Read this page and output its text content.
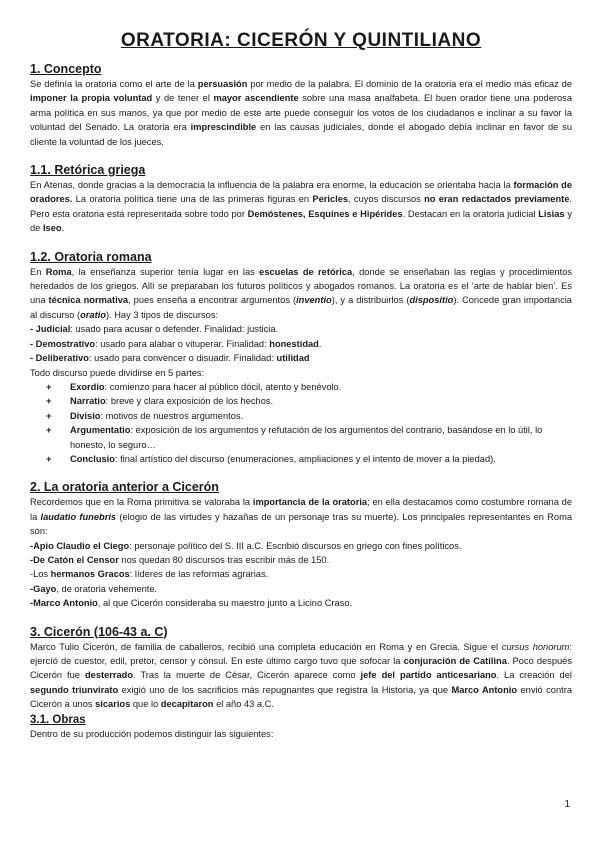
ORATORIA: CICERÓN Y QUINTILIANO
1. Concepto

Se definía la oratoria como el arte de la persuasión por medio de la palabra. El dominio de la oratoria era el medio más eficaz de imponer la propia voluntad y de tener el mayor ascendiente sobre una masa analfabeta. El buen orador tiene una poderosa arma política en sus manos, ya que por medio de este arte puede conseguir los votos de los ciudadanos e inclinar a su favor la voluntad del Senado. La oratoria era imprescindible en las causas judiciales, donde el abogado debía inclinar en favor de su cliente la voluntad de los jueces.

1.1. Retórica griega

En Atenas, donde gracias a la democracia la influencia de la palabra era enorme, la educación se orientaba hacia la formación de oradores. La oratoria política tiene una de las primeras figuras en Pericles, cuyos discursos no eran redactados previamente. Pero esta oratoria está representada sobre todo por Demóstenes, Esquines e Hipérides. Destacan en la oratoria judicial Lisias y de Iseo.

1.2. Oratoria romana

En Roma, la enseñanza superior tenía lugar en las escuelas de retórica, donde se enseñaban las reglas y procedimientos heredados de los griegos. Allí se preparaban los futuros políticos y abogados romanos. La oratoria es el ‘arte de hablar bien’. Es una técnica normativa, pues enseña a encontrar argumentos (inventio), y a distribuirlos (dispositio). Concede gran importancia al discurso (oratio). Hay 3 tipos de discursos:

- Judicial: usado para acusar o defender. Finalidad: justicia.
- Demostrativo: usado para alabar o vituperar. Finalidad: honestidad.
- Deliberativo: usado para convencer o disuadir. Finalidad: utilidad
Todo discurso puede dividirse en 5 partes:
+ Exordio: comienzo para hacer al público dócil, atento y benévolo.
+ Narratio: breve y clara exposición de los hechos.
+ Divisio: motivos de nuestros argumentos.
+ Argumentatio: exposición de los argumentos y refutación de los argumentos del contrario, basándose en lo útil, lo honesto, lo seguro…
+ Conclusio: final artístico del discurso (enumeraciones, ampliaciones y el intento de mover a la piedad).
2. La oratoria anterior a Cicerón

Recordemos que en la Roma primitiva se valoraba la importancia de la oratoria; en ella destacamos como costumbre romana de la laudatio funebris (elogio de las virtudes y hazañas de un personaje tras su muerte). Los principales representantes en Roma son:

-Apio Claudio el Ciego: personaje político del S. III a.C. Escribió discursos en griego con fines políticos.
-De Catón el Censor nos quedan 80 discursos tras escribir más de 150.
-Los hermanos Gracos: líderes de las reformas agrarias.
-Gayo, de oratoria vehemente.
-Marco Antonio, al que Cicerón consideraba su maestro junto a Licino Craso.
3. Cicerón (106-43 a. C)

Marco Tulio Cicerón, de familia de caballeros, recibió una completa educación en Roma y en Grecia. Sigue el cursus honorum: ejercíó de cuestor, edil, pretor, censor y cónsul. En este último cargo tuvo que sofocar la conjuración de Catilina. Poco después Cicerón fue desterrado. Tras la muerte de César, Cicerón aparece como jefe del partido anticesariano. La creación del segundo triunvirato exigió uno de los sacrificios más repugnantes que registra la Historia, ya que Marco Antonio envió contra Cicerón a unos sicarios que lo decapitaron el año 43 a.C.

3.1. Obras

Dentro de su producción podemos distinguir las siguientes:

1
